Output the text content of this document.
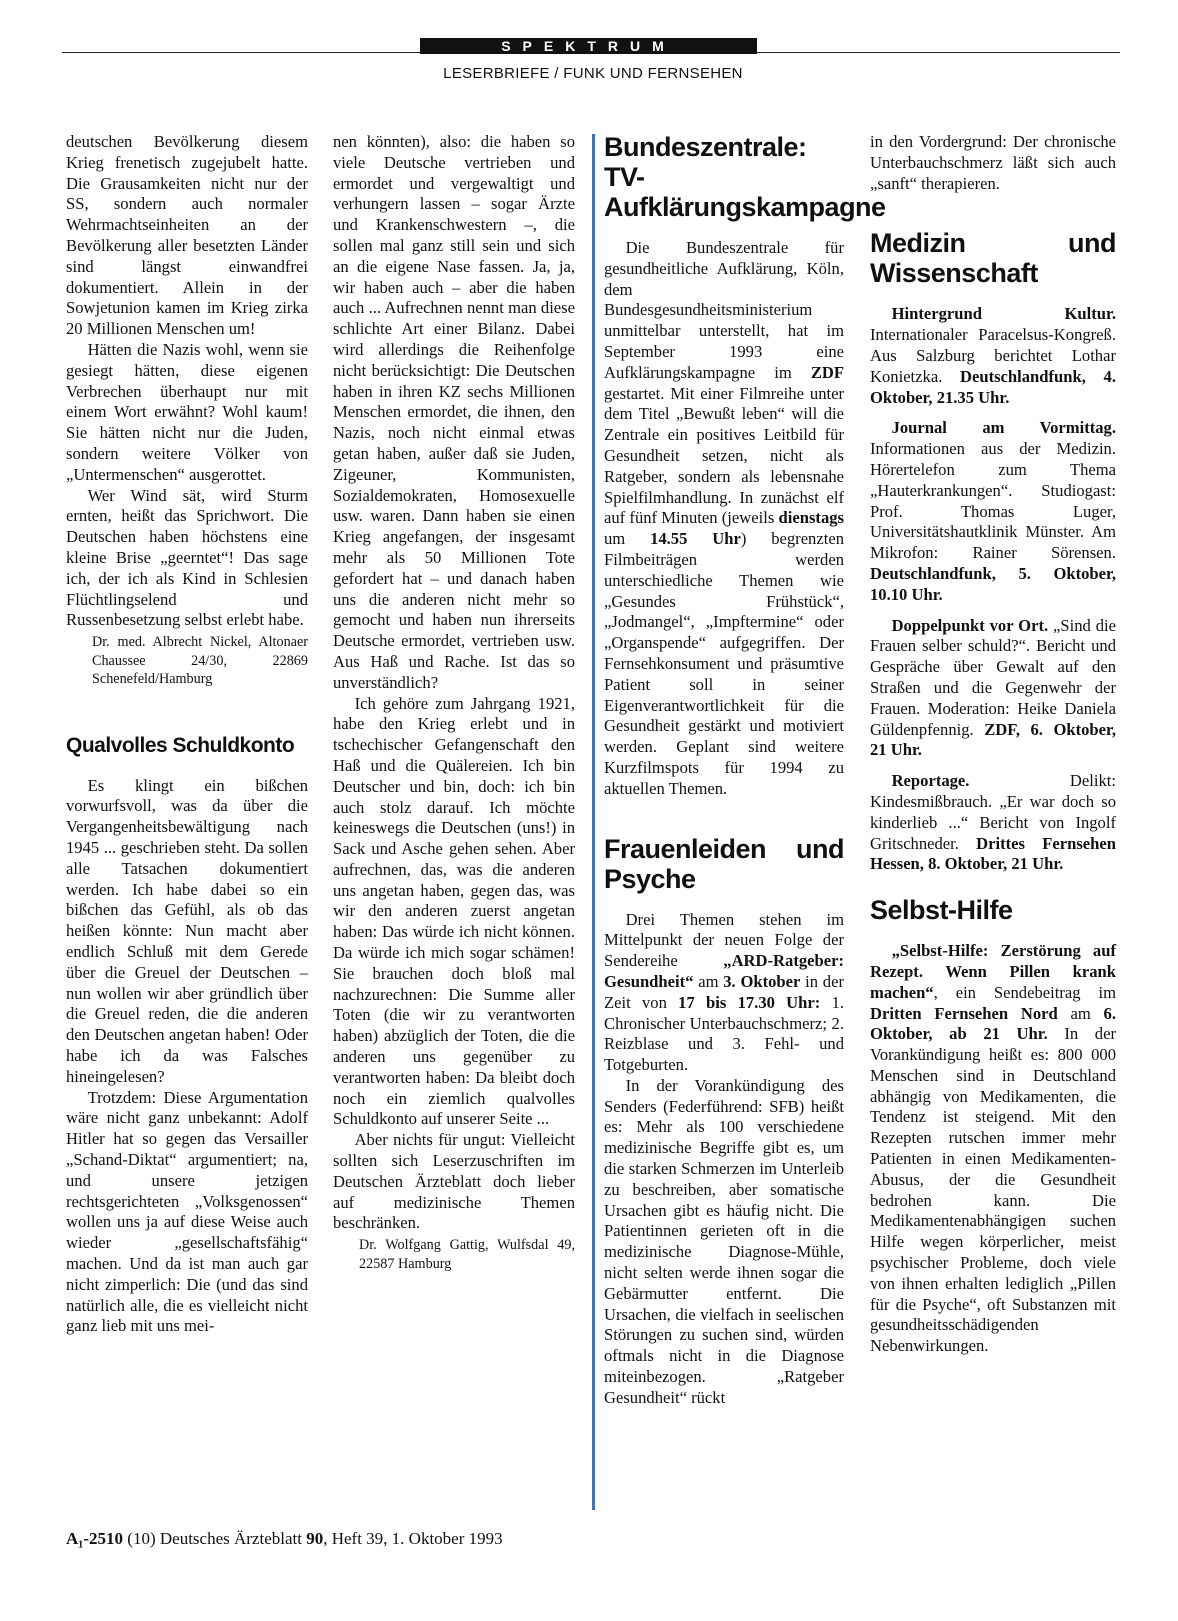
SPEKTRUM
LESERBRIEFE / FUNK UND FERNSEHEN

deutschen Bevölkerung diesem Krieg frenetisch zugejubelt hatte. Die Grausamkeiten nicht nur der SS, sondern auch normaler Wehrmachtseinheiten an der Bevölkerung aller besetzten Länder sind längst einwandfrei dokumentiert. Allein in der Sowjetunion kamen im Krieg zirka 20 Millionen Menschen um!

Hätten die Nazis wohl, wenn sie gesiegt hätten, diese eigenen Verbrechen überhaupt nur mit einem Wort erwähnt? Wohl kaum! Sie hätten nicht nur die Juden, sondern weitere Völker von „Untermenschen“ ausgerottet.

Wer Wind sät, wird Sturm ernten, heißt das Sprichwort. Die Deutschen haben höchstens eine kleine Brise „geerntet“! Das sage ich, der ich als Kind in Schlesien Flüchtlingselend und Russenbesetzung selbst erlebt habe.

Dr. med. Albrecht Nickel, Altonaer Chaussee 24/30, 22869 Schenefeld/Hamburg

Qualvolles Schuldkonto

Es klingt ein bißchen vorwurfsvoll, was da über die Vergangenheitsbewältigung nach 1945 ... geschrieben steht. Da sollen alle Tatsachen dokumentiert werden. Ich habe dabei so ein bißchen das Gefühl, als ob das heißen könnte: Nun macht aber endlich Schluß mit dem Gerede über die Greuel der Deutschen – nun wollen wir aber gründlich über die Greuel reden, die die anderen den Deutschen angetan haben! Oder habe ich da was Falsches hineingelesen?

Trotzdem: Diese Argumentation wäre nicht ganz unbekannt: Adolf Hitler hat so gegen das Versailler „Schand-Diktat“ argumentiert; na, und unsere jetzigen rechtsgerichteten „Volksgenossen“ wollen uns ja auf diese Weise auch wieder „gesellschaftsfähig“ machen. Und da ist man auch gar nicht zimperlich: Die (und das sind natürlich alle, die es vielleicht nicht ganz lieb mit uns mei-

nen könnten), also: die haben so viele Deutsche vertrieben und ermordet und vergewaltigt und verhungern lassen – sogar Ärzte und Krankenschwestern –, die sollen mal ganz still sein und sich an die eigene Nase fassen. Ja, ja, wir haben auch – aber die haben auch ... Aufrechnen nennt man diese schlichte Art einer Bilanz. Dabei wird allerdings die Reihenfolge nicht berücksichtigt: Die Deutschen haben in ihren KZ sechs Millionen Menschen ermordet, die ihnen, den Nazis, noch nicht einmal etwas getan haben, außer daß sie Juden, Zigeuner, Kommunisten, Sozialdemokraten, Homosexuelle usw. waren. Dann haben sie einen Krieg angefangen, der insgesamt mehr als 50 Millionen Tote gefordert hat – und danach haben uns die anderen nicht mehr so gemocht und haben nun ihrerseits Deutsche ermordet, vertrieben usw. Aus Haß und Rache. Ist das so unverständlich?

Ich gehöre zum Jahrgang 1921, habe den Krieg erlebt und in tschechischer Gefangenschaft den Haß und die Quälereien. Ich bin Deutscher und bin, doch: ich bin auch stolz darauf. Ich möchte keineswegs die Deutschen (uns!) in Sack und Asche gehen sehen. Aber aufrechnen, das, was die anderen uns angetan haben, gegen das, was wir den anderen zuerst angetan haben: Das würde ich nicht können. Da würde ich mich sogar schämen! Sie brauchen doch bloß mal nachzurechnen: Die Summe aller Toten (die wir zu verantworten haben) abzüglich der Toten, die die anderen uns gegenüber zu verantworten haben: Da bleibt doch noch ein ziemlich qualvolles Schuldkonto auf unserer Seite ...

Aber nichts für ungut: Vielleicht sollten sich Leserzuschriften im Deutschen Ärzteblatt doch lieber auf medizinische Themen beschränken.

Dr. Wolfgang Gattig, Wulfsdal 49, 22587 Hamburg

Bundeszentrale: TV-Aufklärungskampagne

Die Bundeszentrale für gesundheitliche Aufklärung, Köln, dem Bundesgesundheitsministerium unmittelbar unterstellt, hat im September 1993 eine Aufklärungskampagne im ZDF gestartet. Mit einer Filmreihe unter dem Titel „Bewußt leben“ will die Zentrale ein positives Leitbild für Gesundheit setzen, nicht als Ratgeber, sondern als lebensnahe Spielfilmhandlung. In zunächst elf auf fünf Minuten (jeweils dienstags um 14.55 Uhr) begrenzten Filmbeiträgen werden unterschiedliche Themen wie „Gesundes Frühstück“, „Jodmangel“, „Impftermine“ oder „Organspende“ aufgegriffen. Der Fernsehkonsument und präsumtive Patient soll in seiner Eigenverantwortlichkeit für die Gesundheit gestärkt und motiviert werden. Geplant sind weitere Kurzfilmspots für 1994 zu aktuellen Themen.

Frauenleiden und Psyche

Drei Themen stehen im Mittelpunkt der neuen Folge der Sendereihe „ARD-Ratgeber: Gesundheit“ am 3. Oktober in der Zeit von 17 bis 17.30 Uhr: 1. Chronischer Unterbauchschmerz; 2. Reizblase und 3. Fehl- und Totgeburten.

In der Vorankündigung des Senders (Federführend: SFB) heißt es: Mehr als 100 verschiedene medizinische Begriffe gibt es, um die starken Schmerzen im Unterleib zu beschreiben, aber somatische Ursachen gibt es häufig nicht. Die Patientinnen gerieten oft in die medizinische Diagnose-Mühle, nicht selten werde ihnen sogar die Gebärmutter entfernt. Die Ursachen, die vielfach in seelischen Störungen zu suchen sind, würden oftmals nicht in die Diagnose miteinbezogen. „Ratgeber Gesundheit“ rückt

in den Vordergrund: Der chronische Unterbauchschmerz läßt sich auch „sanft“ therapieren.

Medizin und Wissenschaft

Hintergrund Kultur. Internationaler Paracelsus-Kongreß. Aus Salzburg berichtet Lothar Konietzka. Deutschlandfunk, 4. Oktober, 21.35 Uhr.

Journal am Vormittag. Informationen aus der Medizin. Hörertelefon zum Thema „Hauterkrankungen“. Studiogast: Prof. Thomas Luger, Universitätshautklinik Münster. Am Mikrofon: Rainer Sörensen. Deutschlandfunk, 5. Oktober, 10.10 Uhr.

Doppelpunkt vor Ort. „Sind die Frauen selber schuld?“. Bericht und Gespräche über Gewalt auf den Straßen und die Gegenwehr der Frauen. Moderation: Heike Daniela Güldenpfennig. ZDF, 6. Oktober, 21 Uhr.

Reportage. Delikt: Kindesmißbrauch. „Er war doch so kinderlieb ...“ Bericht von Ingolf Gritschneder. Drittes Fernsehen Hessen, 8. Oktober, 21 Uhr.

Selbst-Hilfe

„Selbst-Hilfe: Zerstörung auf Rezept. Wenn Pillen krank machen“, ein Sendebeitrag im Dritten Fernsehen Nord am 6. Oktober, ab 21 Uhr. In der Vorankündigung heißt es: 800 000 Menschen sind in Deutschland abhängig von Medikamenten, die Tendenz ist steigend. Mit den Rezepten rutschen immer mehr Patienten in einen Medikamenten-Abusus, der die Gesundheit bedrohen kann. Die Medikamentenabhängigen suchen Hilfe wegen körperlicher, meist psychischer Probleme, doch viele von ihnen erhalten lediglich „Pillen für die Psyche“, oft Substanzen mit gesundheitsschädigenden Nebenwirkungen.

A₁-2510 (10) Deutsches Ärzteblatt 90, Heft 39, 1. Oktober 1993
